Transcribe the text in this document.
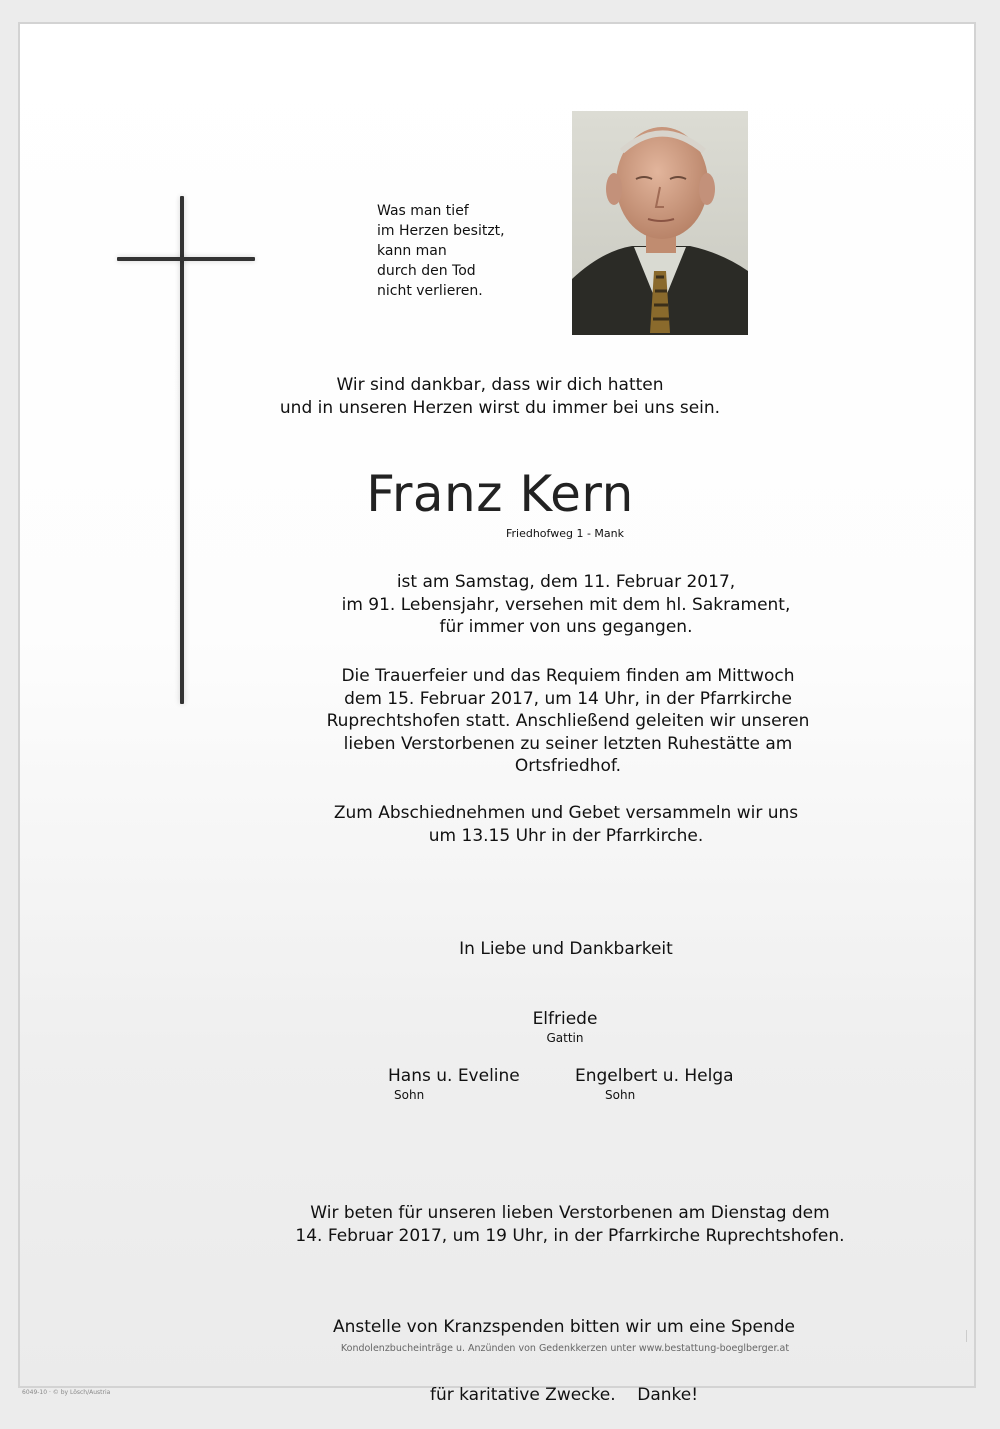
Was man tief
im Herzen besitzt,
kann man
durch den Tod
nicht verlieren.
Wir sind dankbar, dass wir dich hatten
und in unseren Herzen wirst du immer bei uns sein.
Franz Kern
Friedhofweg 1 - Mank
ist am Samstag, dem 11. Februar 2017,
im 91. Lebensjahr, versehen mit dem hl. Sakrament,
für immer von uns gegangen.
Die Trauerfeier und das Requiem finden am Mittwoch
dem 15. Februar 2017, um 14 Uhr, in der Pfarrkirche
Ruprechtshofen statt. Anschließend geleiten wir unseren
lieben Verstorbenen zu seiner letzten Ruhestätte am
Ortsfriedhof.
Zum Abschiednehmen und Gebet versammeln wir uns
um 13.15 Uhr in der Pfarrkirche.
In Liebe und Dankbarkeit
Elfriede
Gattin
Hans u. Eveline
Sohn
Engelbert u. Helga
Sohn
Wir beten für unseren lieben Verstorbenen am Dienstag dem
14. Februar 2017, um 19 Uhr, in der Pfarrkirche Ruprechtshofen.

Anstelle von Kranzspenden bitten wir um eine Spende

für karitative Zwecke.    Danke!

Kondolenzbucheinträge u. Anzünden von Gedenkkerzen unter www.bestattung-boeglberger.at
6049-10 · © by Lösch/Austria
